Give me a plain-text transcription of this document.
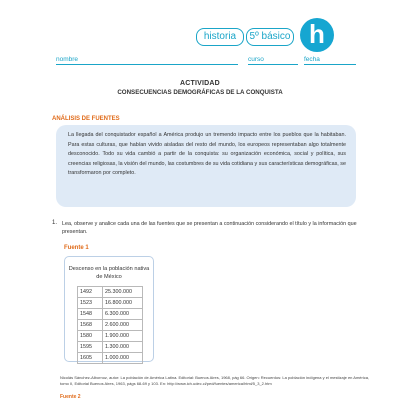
historia	5º básico h
nombre	curso	fecha
ACTIVIDAD
CONSECUENCIAS DEMOGRÁFICAS DE LA CONQUISTA
ANÁLISIS DE FUENTES
La llegada del conquistador español a América produjo un tremendo impacto entre los pueblos que la habitaban. Para estas culturas, que habían vivido aisladas del resto del mundo, los europeos representaban algo totalmente desconocido. Todo su vida cambió a partir de la conquista: su organización económica, social y política, sus creencias religiosas, la visión del mundo, las costumbres de su vida cotidiana y sus características demográficas, se transformaron por completo.
1. Lea, observe y analice cada una de las fuentes que se presentan a continuación considerando el título y la información que presentan.
Fuente 1
Descenso en la población nativa de México
1492	25.300.000
1523	16.800.000
1548	6.300.000
1568	2.600.000
1580	1.900.000
1595	1.300.000
1605	1.000.000
Nicolás Sánchez-Albornoz, autor: La población de América Latina. Editorial: Buenos Aires, 1968, pág 66. Origen: Recuerdos: La población indígena y el mestizaje en América, tomo II, Editorial Buenos Aires, 1963, págs 68-69 y 103. En: http://www.ich.udec.cl/ped/fuentes/america/html/5_3_2.htm
Fuente 2
